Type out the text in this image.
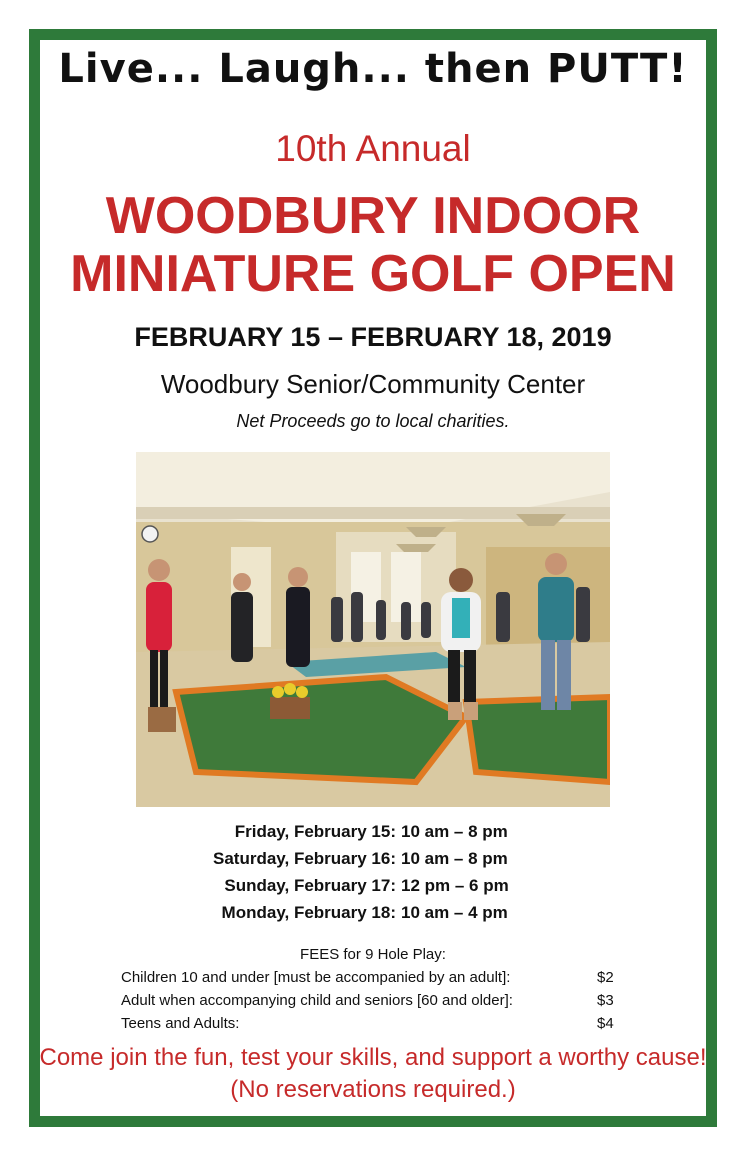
Live... Laugh... then PUTT!
10th Annual
WOODBURY INDOOR
MINIATURE GOLF OPEN
FEBRUARY 15 – FEBRUARY 18, 2019
Woodbury Senior/Community Center
Net Proceeds go to local charities.
Friday, February 15: 10 am – 8 pm
Saturday, February 16: 10 am – 8 pm
Sunday, February 17: 12 pm – 6 pm
Monday, February 18: 10 am – 4 pm
FEES for 9 Hole Play:
Children 10 and under [must be accompanied by an adult]:	$2
Adult when accompanying child and seniors [60 and older]:	$3
Teens and Adults:	$4
Come join the fun, test your skills, and support a worthy cause!
(No reservations required.)
